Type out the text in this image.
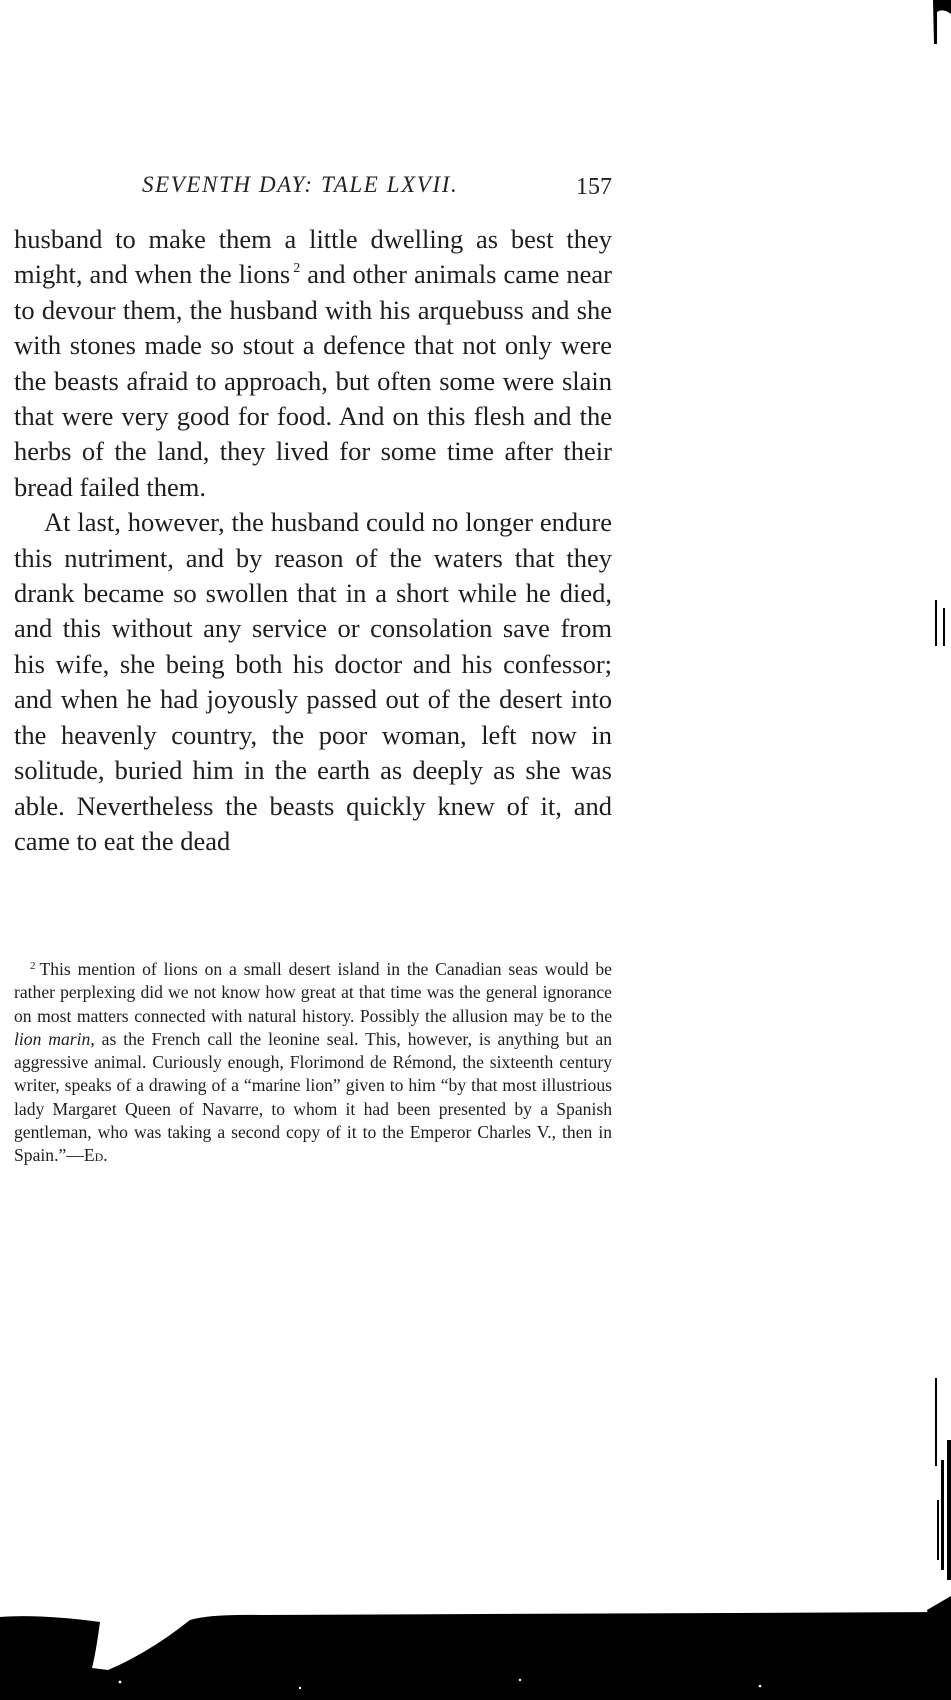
SEVENTH DAY: TALE LXVII.	157

husband to make them a little dwelling as best they might, and when the lions $^2$ and other animals came near to devour them, the husband with his arquebuss and she with stones made so stout a defence that not only were the beasts afraid to approach, but often some were slain that were very good for food. And on this flesh and the herbs of the land, they lived for some time after their bread failed them.

At last, however, the husband could no longer endure this nutriment, and by reason of the waters that they drank became so swollen that in a short while he died, and this without any service or consolation save from his wife, she being both his doctor and his confessor; and when he had joyously passed out of the desert into the heavenly country, the poor woman, left now in solitude, buried him in the earth as deeply as she was able. Nevertheless the beasts quickly knew of it, and came to eat the dead

$^2$ This mention of lions on a small desert island in the Canadian seas would be rather perplexing did we not know how great at that time was the general ignorance on most matters connected with natural history. Possibly the allusion may be to the lion marin, as the French call the leonine seal. This, however, is anything but an aggressive animal. Curiously enough, Florimond de Rémond, the sixteenth century writer, speaks of a drawing of a “marine lion” given to him “by that most illustrious lady Margaret Queen of Navarre, to whom it had been presented by a Spanish gentleman, who was taking a second copy of it to the Emperor Charles V., then in Spain.”—Ed.
